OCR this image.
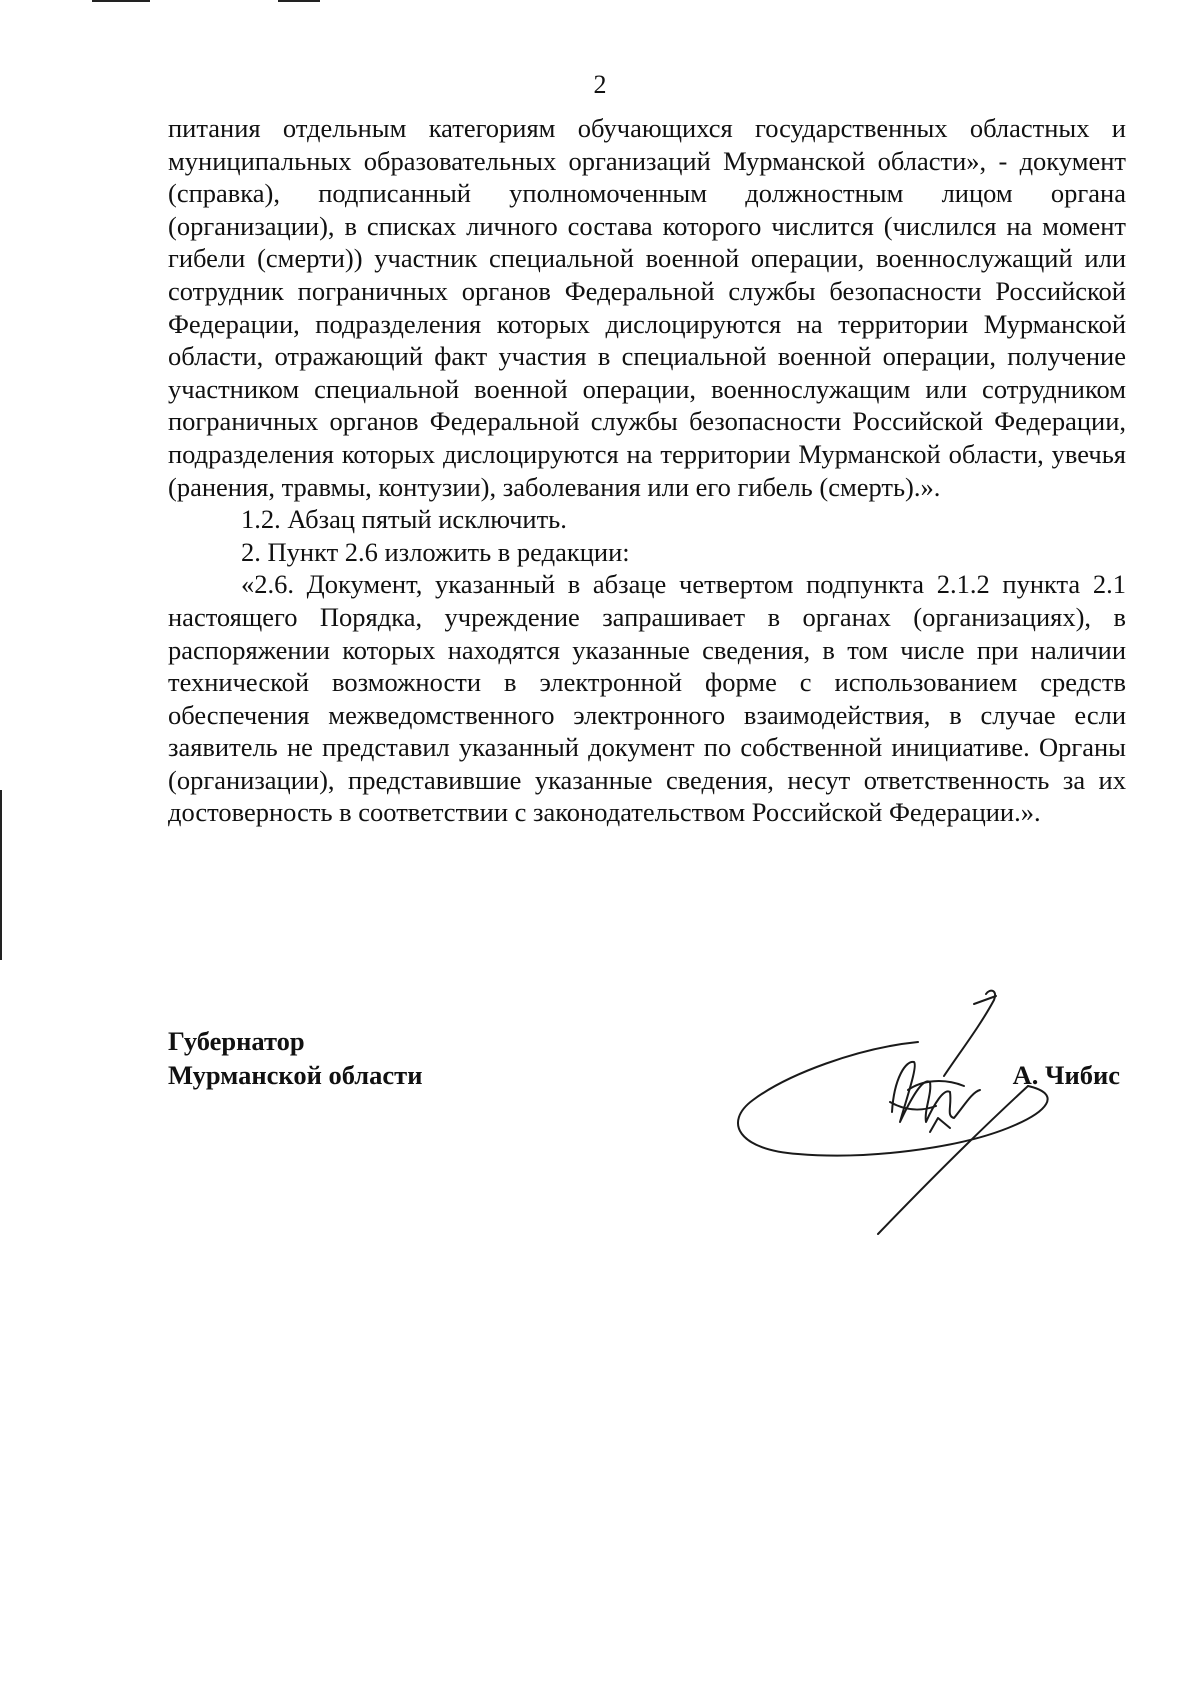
2

питания отдельным категориям обучающихся государственных областных и муниципальных образовательных организаций Мурманской области», - документ (справка), подписанный уполномоченным должностным лицом органа (организации), в списках личного состава которого числится (числился на момент гибели (смерти)) участник специальной военной операции, военнослужащий или сотрудник пограничных органов Федеральной службы безопасности Российской Федерации, подразделения которых дислоцируются на территории Мурманской области, отражающий факт участия в специальной военной операции, получение участником специальной военной операции, военнослужащим или сотрудником пограничных органов Федеральной службы безопасности Российской Федерации, подразделения которых дислоцируются на территории Мурманской области, увечья (ранения, травмы, контузии), заболевания или его гибель (смерть).».

1.2. Абзац пятый исключить.

2. Пункт 2.6 изложить в редакции:

«2.6. Документ, указанный в абзаце четвертом подпункта 2.1.2 пункта 2.1 настоящего Порядка, учреждение запрашивает в органах (организациях), в распоряжении которых находятся указанные сведения, в том числе при наличии технической возможности в электронной форме с использованием средств обеспечения межведомственного электронного взаимодействия, в случае если заявитель не представил указанный документ по собственной инициативе. Органы (организации), представившие указанные сведения, несут ответственность за их достоверность в соответствии с законодательством Российской Федерации.».

Губернатор
Мурманской области	А. Чибис
